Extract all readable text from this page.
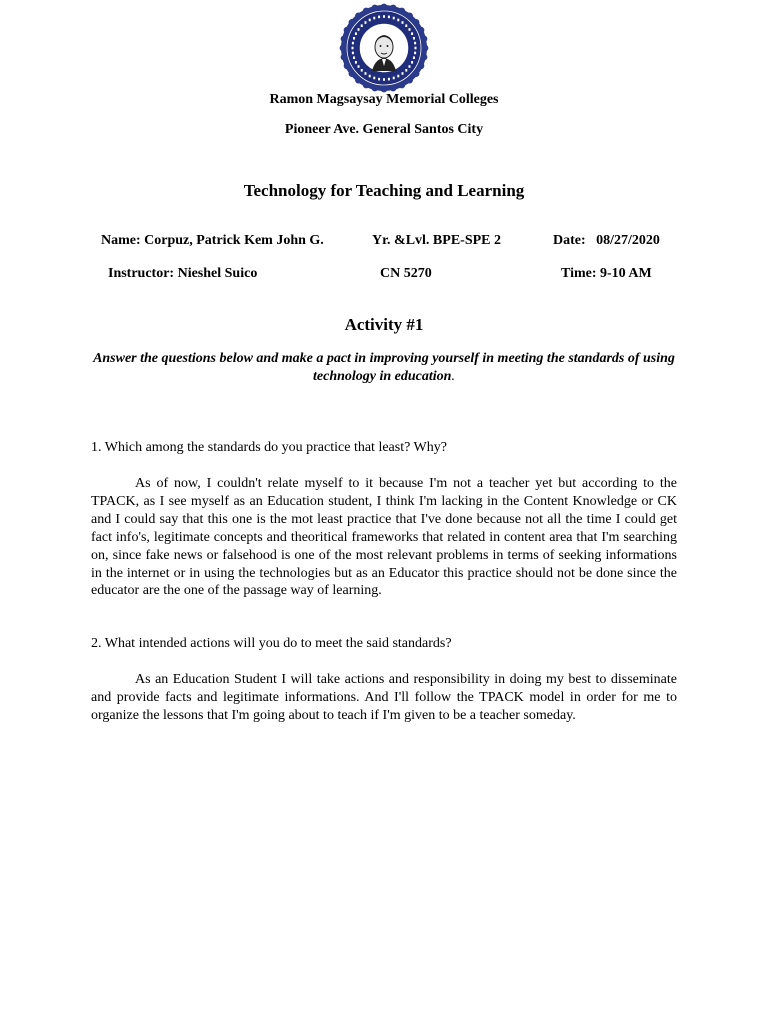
Ramon Magsaysay Memorial Colleges
Pioneer Ave. General Santos City
Technology for Teaching and Learning
Name: Corpuz, Patrick Kem John G.	Yr. &Lvl. BPE-SPE 2	Date:   08/27/2020
Instructor: Nieshel Suico	CN 5270	Time: 9-10 AM
Activity #1
Answer the questions below and make a pact in improving yourself in meeting the standards of using technology in education.
1. Which among the standards do you practice that least? Why?

As of now, I couldn't relate myself to it because I'm not a teacher yet but according to the TPACK, as I see myself as an Education student, I think I'm lacking in the Content Knowledge or CK and I could say that this one is the mot least practice that I've done because not all the time I could get fact info's, legitimate concepts and theoritical frameworks that related in content area that I'm searching on, since fake news or falsehood is one of the most relevant problems in terms of seeking informations in the internet or in using the technologies but as an Educator this practice should not be done since the educator are the one of the passage way of learning.

2. What intended actions will you do to meet the said standards?

As an Education Student I will take actions and responsibility in doing my best to disseminate and provide facts and legitimate informations. And I'll follow the TPACK model in order for me to organize the lessons that I'm going about to teach if I'm given to be a teacher someday.
